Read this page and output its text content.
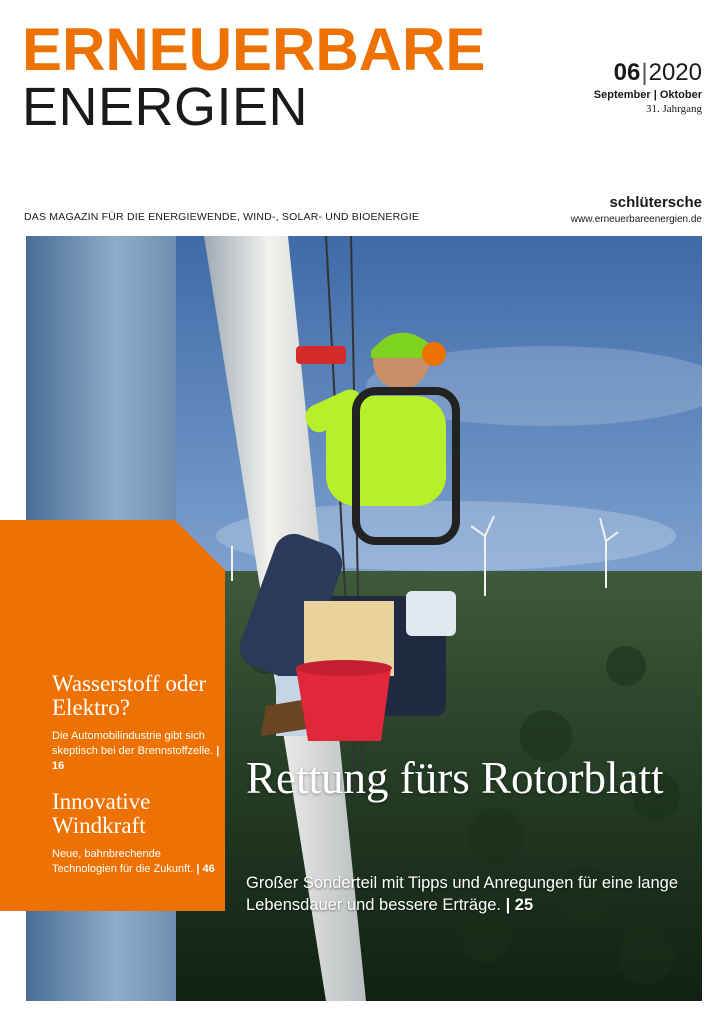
ERNEUERBARE
ENERGIEN
06|2020
September | Oktober
31. Jahrgang
schlütersche
www.erneuerbareenergien.de
DAS MAGAZIN FÜR DIE ENERGIEWENDE, WIND-, SOLAR- UND BIOENERGIE
Wasserstoff oder Elektro?
Die Automobilindustrie gibt sich skeptisch bei der Brennstoffzelle. | 16
Innovative Windkraft
Neue, bahnbrechende Technologien für die Zukunft. | 46
Rettung fürs Rotorblatt
Großer Sonderteil mit Tipps und Anregungen für eine lange Lebensdauer und bessere Erträge. | 25
